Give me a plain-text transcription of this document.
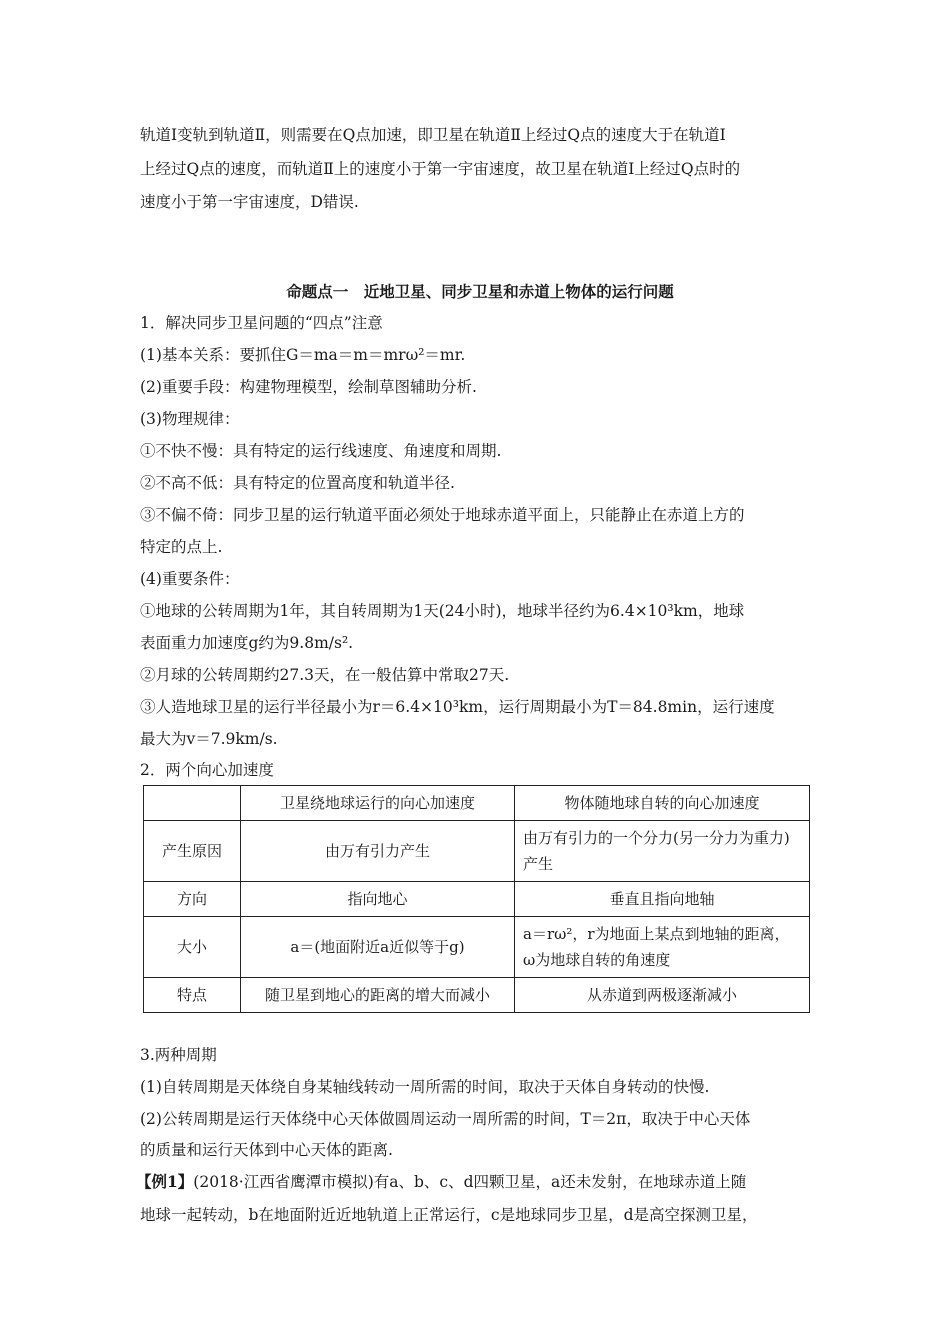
轨道Ⅰ变轨到轨道Ⅱ，则需要在Q点加速，即卫星在轨道Ⅱ上经过Q点的速度大于在轨道Ⅰ
上经过Q点的速度，而轨道Ⅱ上的速度小于第一宇宙速度，故卫星在轨道Ⅰ上经过Q点时的
速度小于第一宇宙速度，D错误.
命题点一　近地卫星、同步卫星和赤道上物体的运行问题
1．解决同步卫星问题的“四点”注意
(1)基本关系：要抓住G＝ma＝m＝mrω²＝mr.
(2)重要手段：构建物理模型，绘制草图辅助分析.
(3)物理规律：
①不快不慢：具有特定的运行线速度、角速度和周期.
②不高不低：具有特定的位置高度和轨道半径.
③不偏不倚：同步卫星的运行轨道平面必须处于地球赤道平面上，只能静止在赤道上方的
特定的点上.
(4)重要条件：
①地球的公转周期为1年，其自转周期为1天(24小时)，地球半径约为6.4×10³km，地球
表面重力加速度g约为9.8m/s².
②月球的公转周期约27.3天，在一般估算中常取27天.
③人造地球卫星的运行半径最小为r＝6.4×10³km，运行周期最小为T＝84.8min，运行速度
最大为v＝7.9km/s.
2．两个向心加速度
	卫星绕地球运行的向心加速度	物体随地球自转的向心加速度
产生原因	由万有引力产生	由万有引力的一个分力(另一分力为重力)产生
方向	指向地心	垂直且指向地轴
大小	a＝(地面附近a近似等于g)	a＝rω²，r为地面上某点到地轴的距离，ω为地球自转的角速度
特点	随卫星到地心的距离的增大而减小	从赤道到两极逐渐减小
3.两种周期
(1)自转周期是天体绕自身某轴线转动一周所需的时间，取决于天体自身转动的快慢.
(2)公转周期是运行天体绕中心天体做圆周运动一周所需的时间，T＝2π，取决于中心天体
的质量和运行天体到中心天体的距离.
【例1】(2018·江西省鹰潭市模拟)有a、b、c、d四颗卫星，a还未发射，在地球赤道上随
地球一起转动，b在地面附近近地轨道上正常运行，c是地球同步卫星，d是高空探测卫星，
